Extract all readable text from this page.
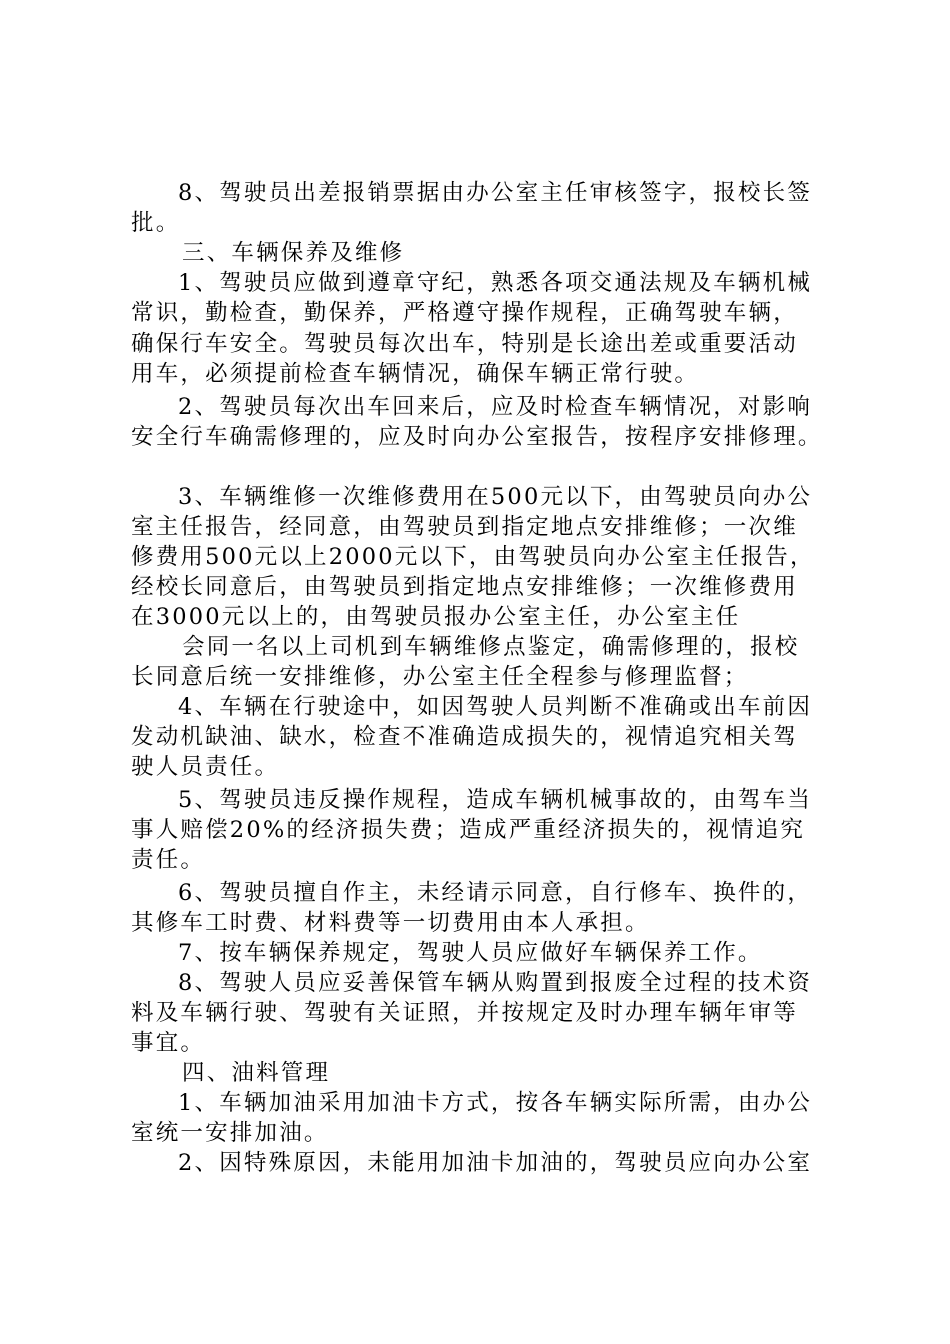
8、驾驶员出差报销票据由办公室主任审核签字，报校长签
批。
三、车辆保养及维修
1、驾驶员应做到遵章守纪，熟悉各项交通法规及车辆机械
常识，勤检查，勤保养，严格遵守操作规程，正确驾驶车辆，
确保行车安全。驾驶员每次出车，特别是长途出差或重要活动
用车，必须提前检查车辆情况，确保车辆正常行驶。
2、驾驶员每次出车回来后，应及时检查车辆情况，对影响
安全行车确需修理的，应及时向办公室报告，按程序安排修理。
3、车辆维修一次维修费用在500元以下，由驾驶员向办公
室主任报告，经同意，由驾驶员到指定地点安排维修；一次维
修费用500元以上2000元以下，由驾驶员向办公室主任报告，
经校长同意后，由驾驶员到指定地点安排维修；一次维修费用
在3000元以上的，由驾驶员报办公室主任，办公室主任
会同一名以上司机到车辆维修点鉴定，确需修理的，报校
长同意后统一安排维修，办公室主任全程参与修理监督；
4、车辆在行驶途中，如因驾驶人员判断不准确或出车前因
发动机缺油、缺水，检查不准确造成损失的，视情追究相关驾
驶人员责任。
5、驾驶员违反操作规程，造成车辆机械事故的，由驾车当
事人赔偿20%的经济损失费；造成严重经济损失的，视情追究
责任。
6、驾驶员擅自作主，未经请示同意，自行修车、换件的，
其修车工时费、材料费等一切费用由本人承担。
7、按车辆保养规定，驾驶人员应做好车辆保养工作。
8、驾驶人员应妥善保管车辆从购置到报废全过程的技术资
料及车辆行驶、驾驶有关证照，并按规定及时办理车辆年审等
事宜。
四、油料管理
1、车辆加油采用加油卡方式，按各车辆实际所需，由办公
室统一安排加油。
2、因特殊原因，未能用加油卡加油的，驾驶员应向办公室
